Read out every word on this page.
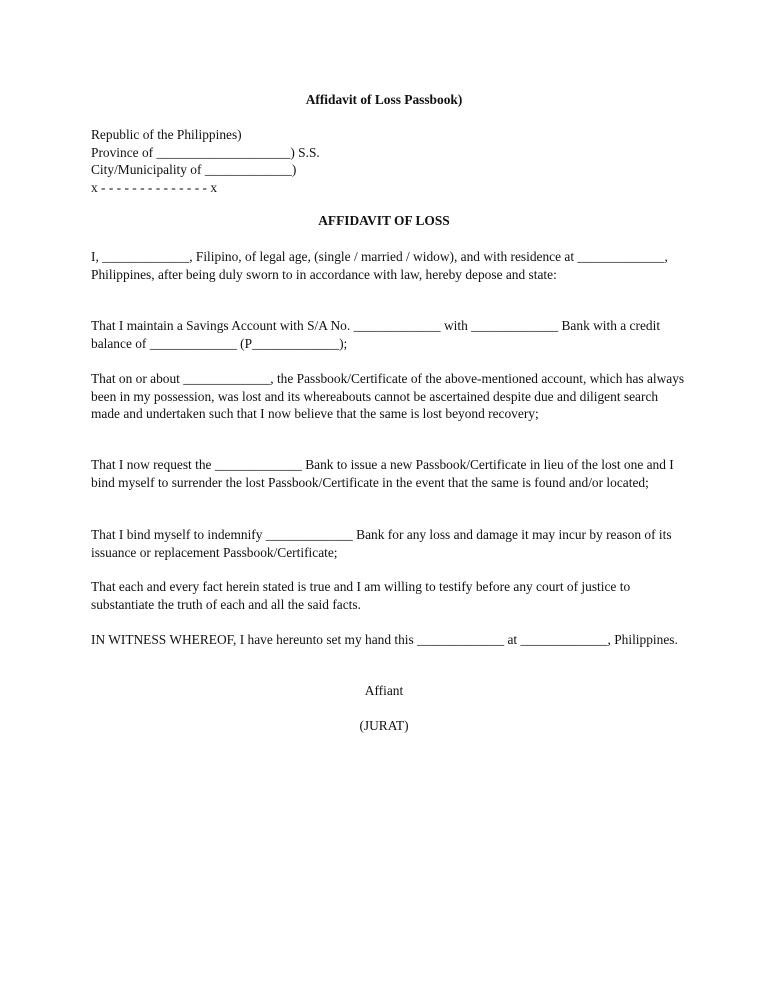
Affidavit of Loss Passbook)
Republic of the Philippines)
Province of ____________________) S.S.
City/Municipality of _____________)
x - - - - - - - - - - - - - - x
AFFIDAVIT OF LOSS

I, _____________, Filipino, of legal age, (single / married / widow), and with residence at _____________, Philippines, after being duly sworn to in accordance with law, hereby depose and state:

That I maintain a Savings Account with S/A No. _____________ with _____________ Bank with a credit balance of _____________ (P_____________);

That on or about _____________, the Passbook/Certificate of the above-mentioned account, which has always been in my possession, was lost and its whereabouts cannot be ascertained despite due and diligent search made and undertaken such that I now believe that the same is lost beyond recovery;

That I now request the _____________ Bank to issue a new Passbook/Certificate in lieu of the lost one and I bind myself to surrender the lost Passbook/Certificate in the event that the same is found and/or located;

That I bind myself to indemnify _____________ Bank for any loss and damage it may incur by reason of its issuance or replacement Passbook/Certificate;

That each and every fact herein stated is true and I am willing to testify before any court of justice to substantiate the truth of each and all the said facts.

IN WITNESS WHEREOF, I have hereunto set my hand this _____________ at _____________, Philippines.

Affiant

(JURAT)
